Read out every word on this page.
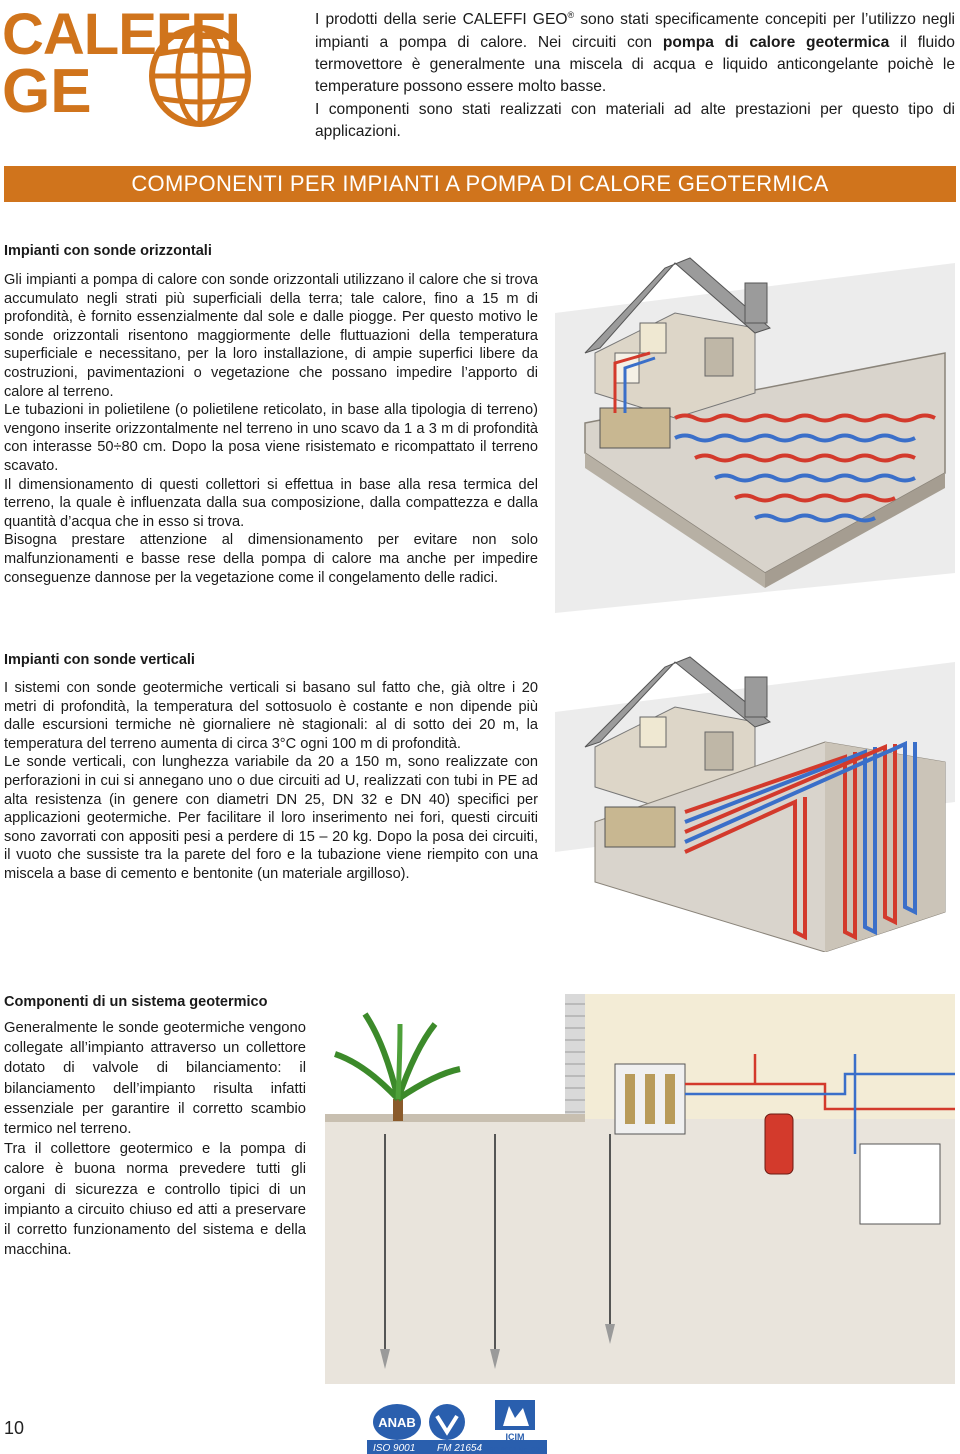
CALEFFI
GE

I prodotti della serie CALEFFI GEO® sono stati specificamente concepiti per l’utilizzo negli impianti a pompa di calore. Nei circuiti con pompa di calore geotermica il fluido termovettore è generalmente una miscela di acqua e liquido anticongelante poichè le temperature possono essere molto basse.

I componenti sono stati realizzati con materiali ad alte prestazioni per questo tipo di applicazioni.

COMPONENTI PER IMPIANTI A POMPA DI CALORE GEOTERMICA
Impianti con sonde orizzontali

Gli impianti a pompa di calore con sonde orizzontali utilizzano il calore che si trova accumulato negli strati più superficiali della terra; tale calore, fino a 15 m di profondità, è fornito essenzialmente dal sole e dalle piogge. Per questo motivo le sonde orizzontali risentono maggiormente delle fluttuazioni della temperatura superficiale e necessitano, per la loro installazione, di ampie superfici libere da costruzioni, pavimentazioni o vegetazione che possano impedire l’apporto di calore al terreno.

Le tubazioni in polietilene (o polietilene reticolato, in base alla tipologia di terreno) vengono inserite orizzontalmente nel terreno in uno scavo da 1 a 3 m di profondità con interasse 50÷80 cm. Dopo la posa viene risistemato e ricompattato il terreno scavato.

Il dimensionamento di questi collettori si effettua in base alla resa termica del terreno, la quale è influenzata dalla sua composizione, dalla compattezza e dalla quantità d’acqua che in esso si trova.

Bisogna prestare attenzione al dimensionamento per evitare non solo malfunzionamenti e basse rese della pompa di calore ma anche per impedire conseguenze dannose per la vegetazione come il congelamento delle radici.

Impianti con sonde verticali

I sistemi con sonde geotermiche verticali si basano sul fatto che, già oltre i 20 metri di profondità, la temperatura del sottosuolo è costante e non dipende più dalle escursioni termiche nè giornaliere nè stagionali: al di sotto dei 20 m, la temperatura del terreno aumenta di circa 3°C ogni 100 m di profondità.

Le sonde verticali, con lunghezza variabile da 20 a 150 m, sono realizzate con perforazioni in cui si annegano uno o due circuiti ad U, realizzati con tubi in PE ad alta resistenza (in genere con diametri DN 25, DN 32 e DN 40) specifici per applicazioni geotermiche. Per facilitare il loro inserimento nei fori, questi circuiti sono zavorrati con appositi pesi a perdere di 15 – 20 kg. Dopo la posa dei circuiti, il vuoto che sussiste tra la parete del foro e la tubazione viene riempito con una miscela a base di cemento e bentonite (un materiale argilloso).

Componenti di un sistema geotermico

Generalmente le sonde geotermiche vengono collegate all’impianto attraverso un collettore dotato di valvole di bilanciamento: il bilanciamento dell’impianto risulta infatti essenziale per garantire il corretto scambio termico nel terreno.

Tra il collettore geotermico e la pompa di calore è buona norma prevedere tutti gli organi di sicurezza e controllo tipici di un impianto a circuito chiuso ed atti a preservare il corretto funzionamento del sistema e della macchina.

10	ANAB
ISO 9001 FM 21654
ICIM
ISO 9001 No. 0003
